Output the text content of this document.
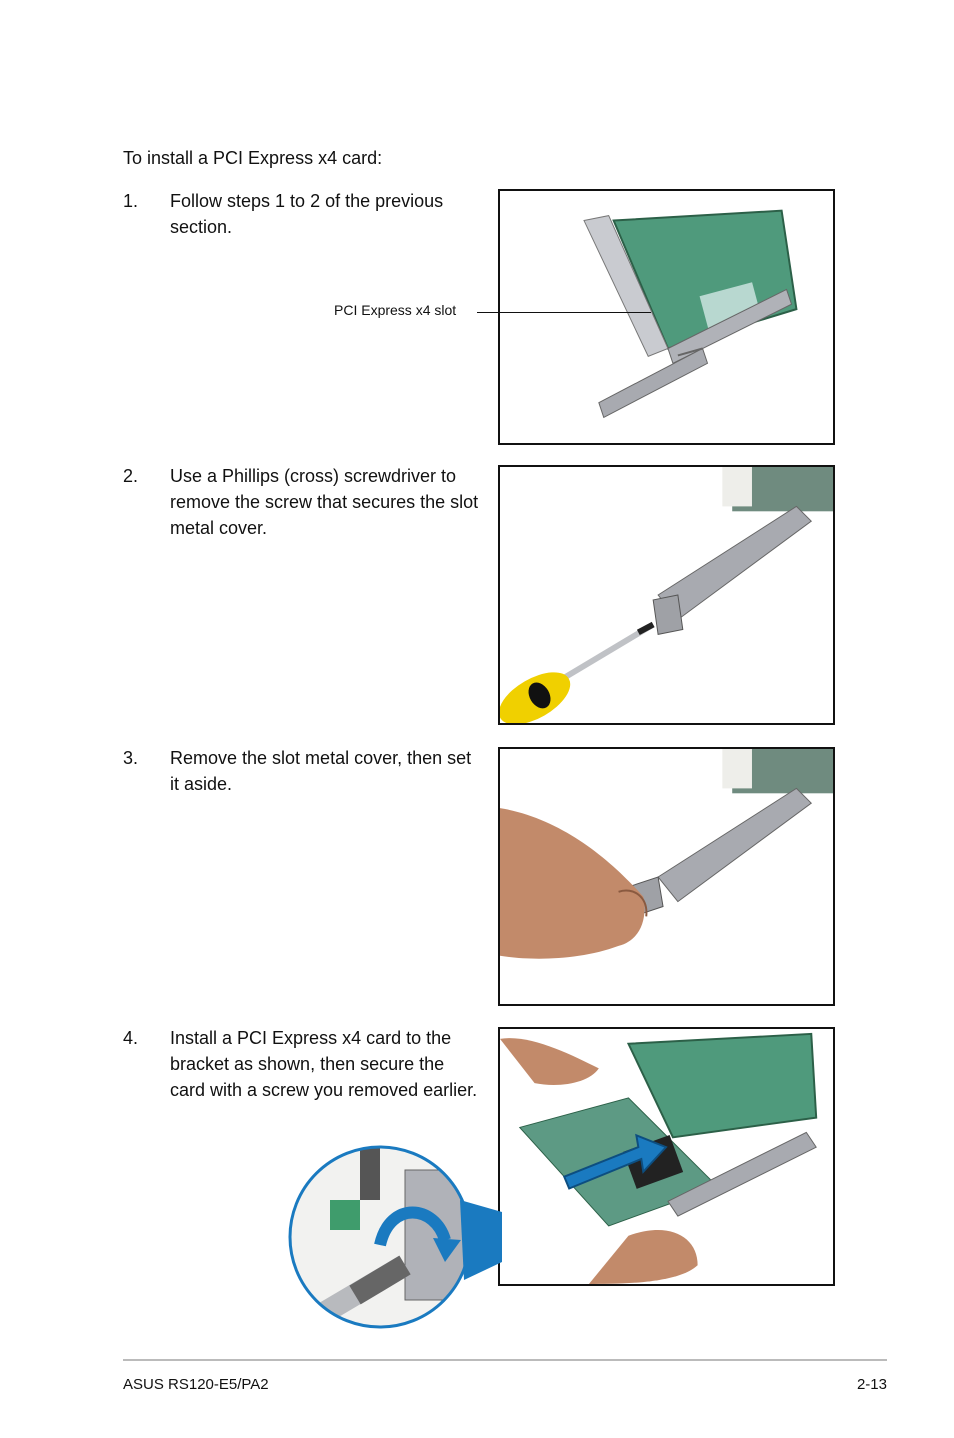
To install a PCI Express x4 card:
1. Follow steps 1 to 2 of the previous section.
PCI Express x4 slot
2. Use a Phillips (cross) screwdriver to remove the screw that secures the slot metal cover.
3. Remove the slot metal cover, then set it aside.
4. Install a PCI Express x4 card to the bracket as shown, then secure the card with a screw you removed earlier.
ASUS RS120-E5/PA2	2-13
